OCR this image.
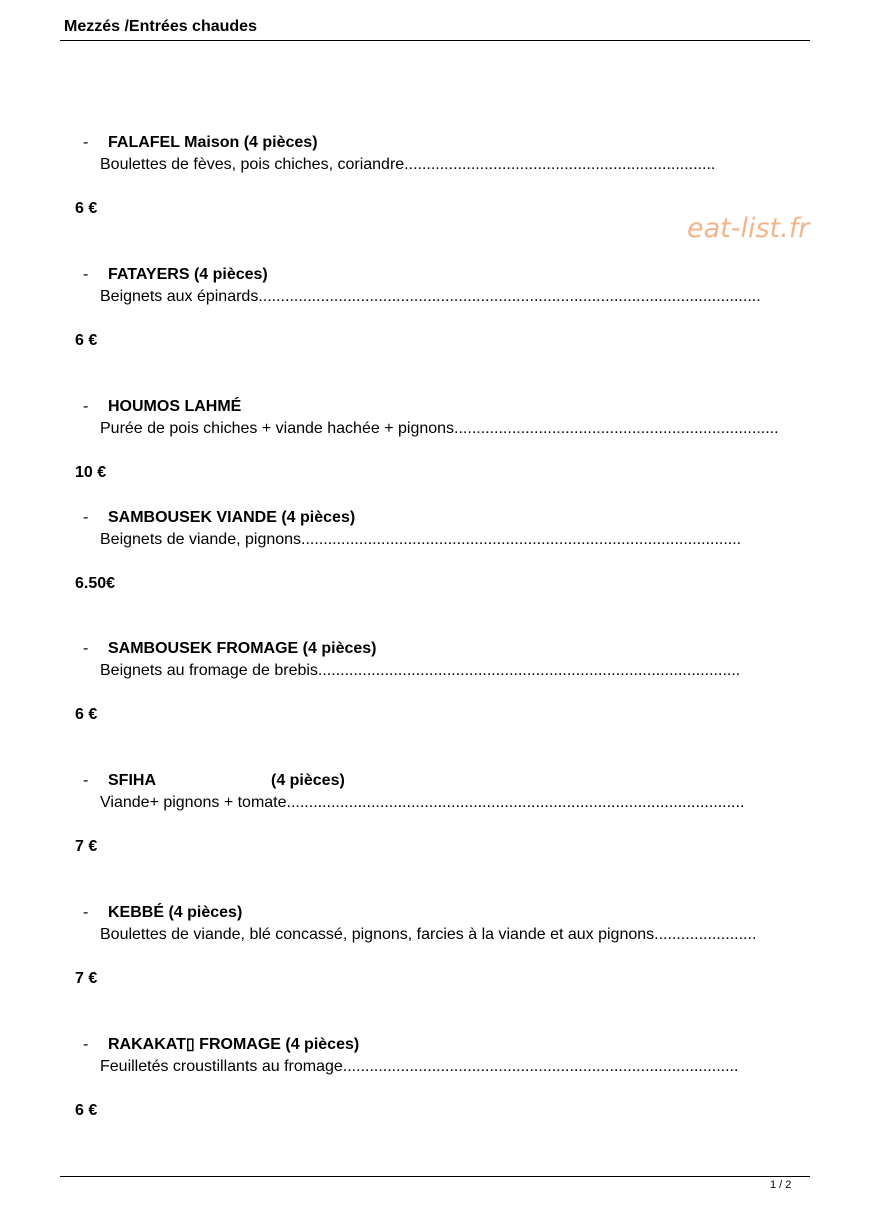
Mezzés /Entrées chaudes
eat-list.fr
- FALAFEL Maison (4 pièces)
Boulettes de fèves, pois chiches, coriandre......................................................................
6 €
- FATAYERS (4 pièces)
Beignets aux épinards.................................................................................................................
6 €
- HOUMOS LAHMÉ
Purée de pois chiches + viande hachée + pignons.........................................................................
10 €
- SAMBOUSEK VIANDE (4 pièces)
Beignets de viande, pignons...................................................................................................
6.50€
- SAMBOUSEK FROMAGE (4 pièces)
Beignets au fromage de brebis...............................................................................................
6 €
- SFIHA                          (4 pièces)
Viande+ pignons + tomate.......................................................................................................
7 €
- KEBBÉ (4 pièces)
Boulettes de viande, blé concassé, pignons, farcies à la viande et aux pignons.......................
7 €
- RAKAKAT▯ FROMAGE (4 pièces)
Feuilletés croustillants au fromage.........................................................................................
6 €
1 / 2
